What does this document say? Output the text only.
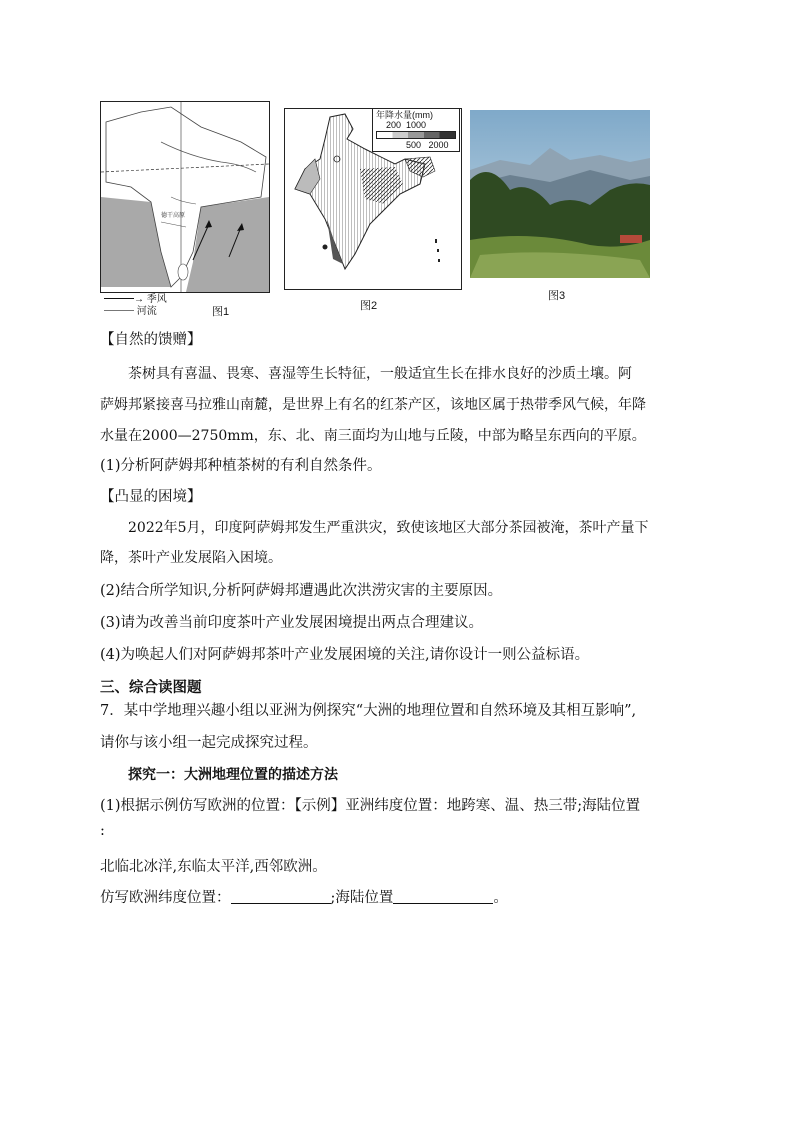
德干高原
→ 季风
河流	图1
年降水量(mm)
200  1000
500   2000
图2
图3
【自然的馈赠】
茶树具有喜温、畏寒、喜湿等生长特征，一般适宜生长在排水良好的沙质土壤。阿
萨姆邦紧接喜马拉雅山南麓，是世界上有名的红茶产区，该地区属于热带季风气候，年降
水量在2000—2750mm，东、北、南三面均为山地与丘陵，中部为略呈东西向的平原。
(1)分析阿萨姆邦种植茶树的有利自然条件。
【凸显的困境】
2022年5月，印度阿萨姆邦发生严重洪灾，致使该地区大部分茶园被淹，茶叶产量下
降，茶叶产业发展陷入困境。
(2)结合所学知识,分析阿萨姆邦遭遇此次洪涝灾害的主要原因。
(3)请为改善当前印度茶叶产业发展困境提出两点合理建议。
(4)为唤起人们对阿萨姆邦茶叶产业发展困境的关注,请你设计一则公益标语。
三、综合读图题
7．某中学地理兴趣小组以亚洲为例探究“大洲的地理位置和自然环境及其相互影响”,
请你与该小组一起完成探究过程。
探究一：大洲地理位置的描述方法
(1)根据示例仿写欧洲的位置：【示例】亚洲纬度位置：地跨寒、温、热三带;海陆位置
:
北临北冰洋,东临太平洋,西邻欧洲。
仿写欧洲纬度位置：	;海陆位置	。
